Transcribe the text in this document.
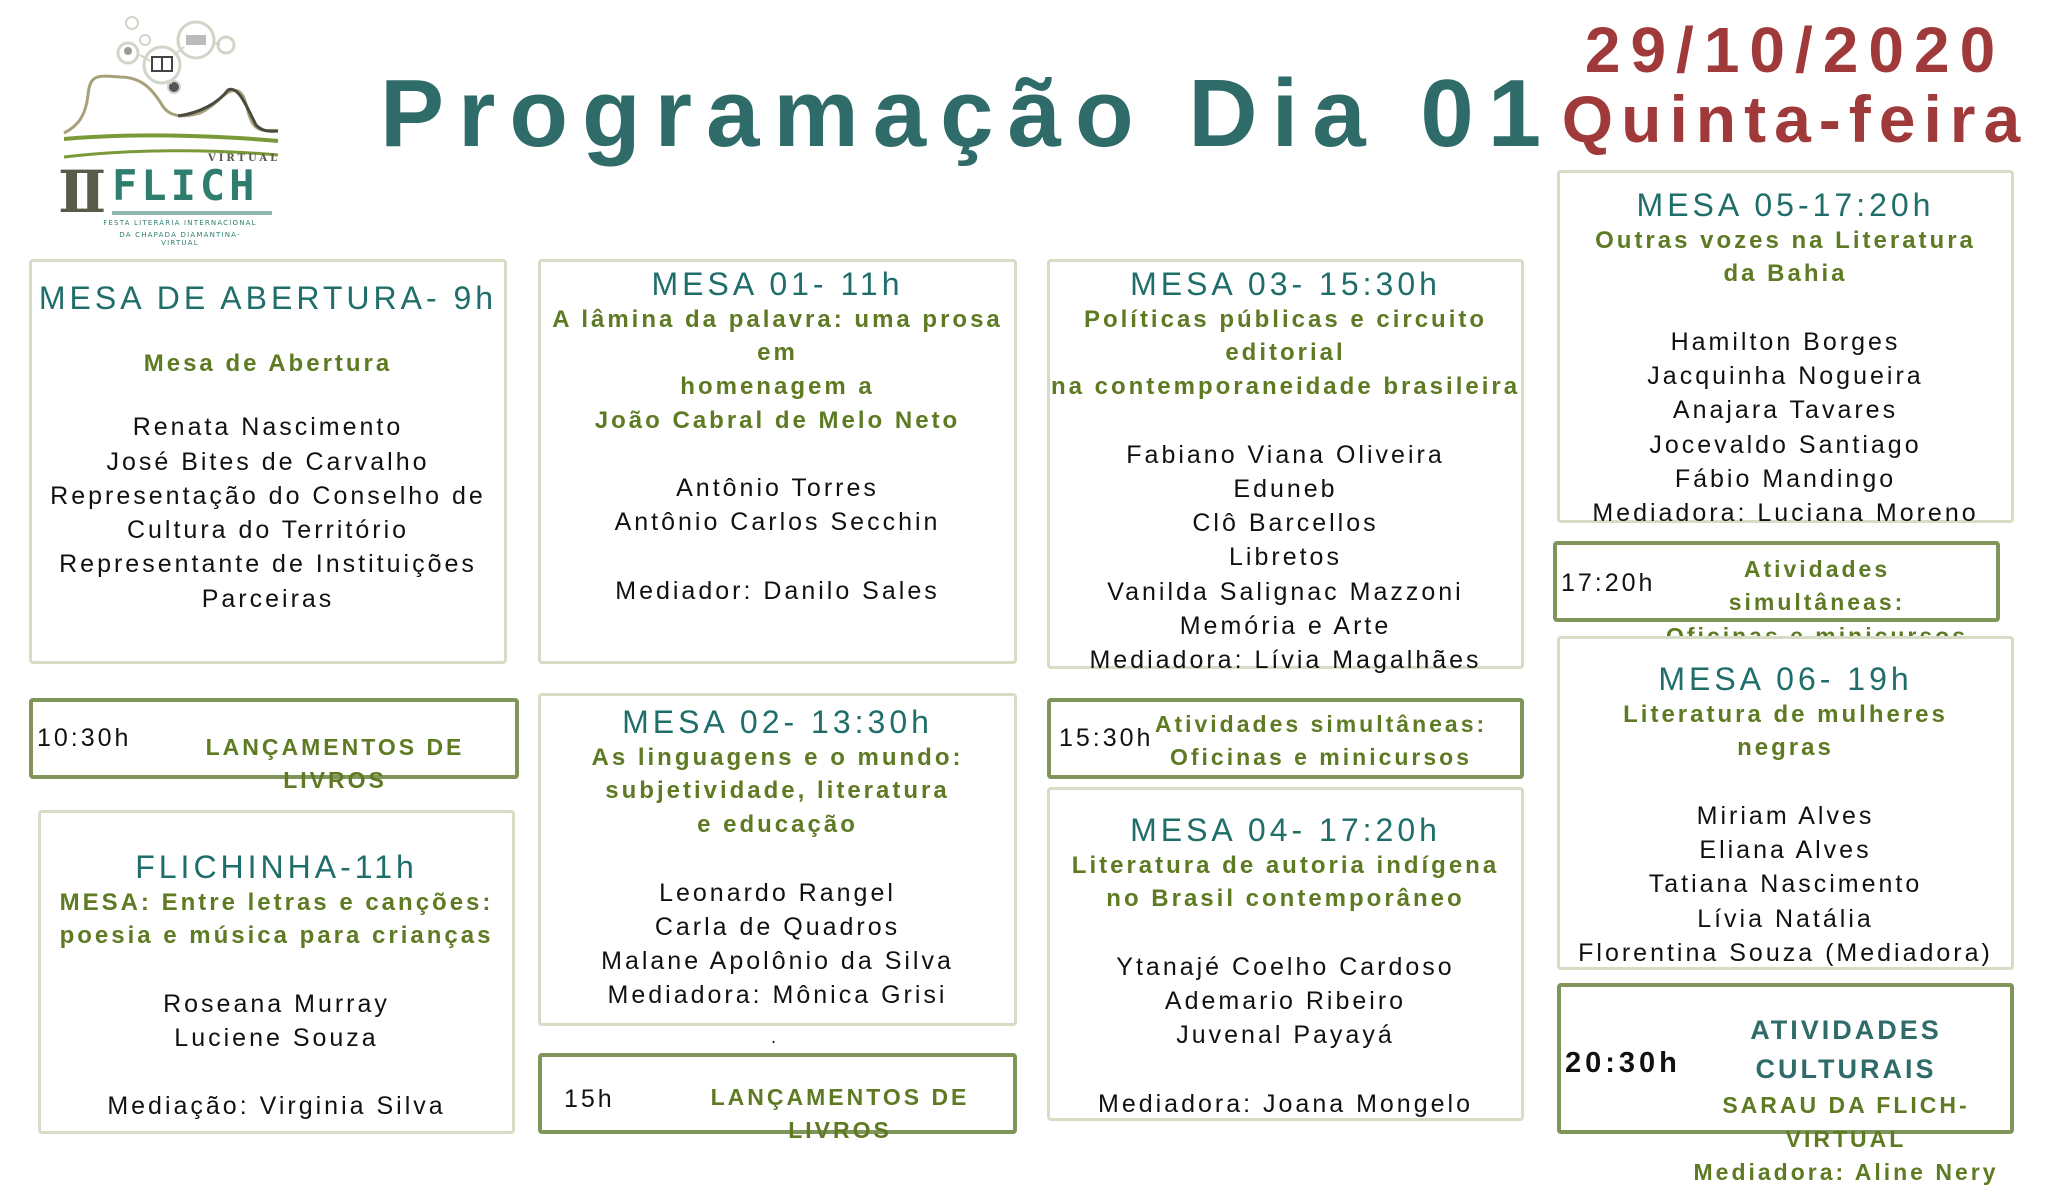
VIRTUAL
II FLICH
FESTA LITERÁRIA INTERNACIONAL
DA CHAPADA DIAMANTINA- VIRTUAL
Programação Dia 01
29/10/2020
Quinta-feira
MESA DE ABERTURA- 9h
Mesa de Abertura
Renata Nascimento
José Bites de Carvalho
Representação do Conselho de
Cultura do Território
Representante de Instituições
Parceiras
10:30h	LANÇAMENTOS DE LIVROS
FLICHINHA-11h
MESA: Entre letras e canções:
poesia e música para crianças
Roseana Murray
Luciene Souza
Mediação: Virginia Silva
MESA 01- 11h
A lâmina da palavra: uma prosa em
homenagem a
João Cabral de Melo Neto
Antônio Torres
Antônio Carlos Secchin
Mediador: Danilo Sales
MESA 02- 13:30h
As linguagens e o mundo:
subjetividade, literatura
e educação
Leonardo Rangel
Carla de Quadros
Malane Apolônio da Silva
Mediadora: Mônica Grisi
.
15h	LANÇAMENTOS DE LIVROS
MESA 03- 15:30h
Políticas públicas e circuito
editorial
na contemporaneidade brasileira
Fabiano Viana Oliveira
Eduneb
Clô Barcellos
Libretos
Vanilda Salignac Mazzoni
Memória e Arte
Mediadora: Lívia Magalhães
15:30h Atividades simultâneas:
Oficinas e minicursos
MESA 04- 17:20h
Literatura de autoria indígena
no Brasil contemporâneo
Ytanajé Coelho Cardoso
Ademario Ribeiro
Juvenal Payayá
Mediadora: Joana Mongelo
MESA 05-17:20h
Outras vozes na Literatura
da Bahia
Hamilton Borges
Jacquinha Nogueira
Anajara Tavares
Jocevaldo Santiago
Fábio Mandingo
Mediadora: Luciana Moreno
17:20h	Atividades simultâneas:
MESA 06- 19h
Literatura de mulheres
negras
Miriam Alves
Eliana Alves
Tatiana Nascimento
Lívia Natália
Florentina Souza (Mediadora)
20:30h
ATIVIDADES CULTURAIS
SARAU DA FLICH-VIRTUAL
Mediadora: Aline Nery
